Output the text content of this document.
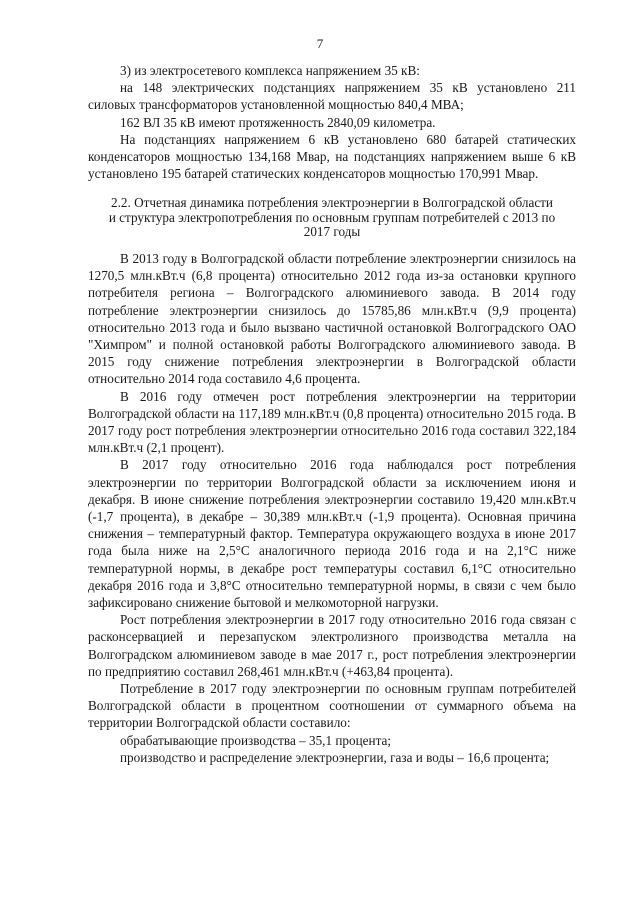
7

3) из электросетевого комплекса напряжением 35 кВ:

на 148 электрических подстанциях напряжением 35 кВ установлено 211 силовых трансформаторов установленной мощностью 840,4 МВА;

162 ВЛ 35 кВ имеют протяженность 2840,09 километра.

На подстанциях напряжением 6 кВ установлено 680 батарей статических конденсаторов мощностью 134,168 Мвар, на подстанциях напряжением выше 6 кВ установлено 195 батарей статических конденсаторов мощностью 170,991 Мвар.

2.2. Отчетная динамика потребления электроэнергии в Волгоградской области и структура электропотребления по основным группам потребителей с 2013 по 2017 годы

В 2013 году в Волгоградской области потребление электроэнергии снизилось на 1270,5 млн.кВт.ч (6,8 процента) относительно 2012 года из-за остановки крупного потребителя региона – Волгоградского алюминиевого завода. В 2014 году потребление электроэнергии снизилось до 15785,86 млн.кВт.ч (9,9 процента) относительно 2013 года и было вызвано частичной остановкой Волгоградского ОАО "Химпром" и полной остановкой работы Волгоградского алюминиевого завода. В 2015 году снижение потребления электроэнергии в Волгоградской области относительно 2014 года составило 4,6 процента.

В 2016 году отмечен рост потребления электроэнергии на территории Волгоградской области на 117,189 млн.кВт.ч (0,8 процента) относительно 2015 года. В 2017 году рост потребления электроэнергии относительно 2016 года составил 322,184 млн.кВт.ч (2,1 процент).

В 2017 году относительно 2016 года наблюдался рост потребления электроэнергии по территории Волгоградской области за исключением июня и декабря. В июне снижение потребления электроэнергии составило 19,420 млн.кВт.ч (-1,7 процента), в декабре – 30,389 млн.кВт.ч (-1,9 процента). Основная причина снижения – температурный фактор. Температура окружающего воздуха в июне 2017 года была ниже на 2,5°С аналогичного периода 2016 года и на 2,1°С ниже температурной нормы, в декабре рост температуры составил 6,1°С относительно декабря 2016 года и 3,8°С относительно температурной нормы, в связи с чем было зафиксировано снижение бытовой и мелкомоторной нагрузки.

Рост потребления электроэнергии в 2017 году относительно 2016 года связан с расконсервацией и перезапуском электролизного производства металла на Волгоградском алюминиевом заводе в мае 2017 г., рост потребления электроэнергии по предприятию составил 268,461 млн.кВт.ч (+463,84 процента).

Потребление в 2017 году электроэнергии по основным группам потребителей Волгоградской области в процентном соотношении от суммарного объема на территории Волгоградской области составило:

обрабатывающие производства – 35,1 процента;

производство и распределение электроэнергии, газа и воды – 16,6 процента;
